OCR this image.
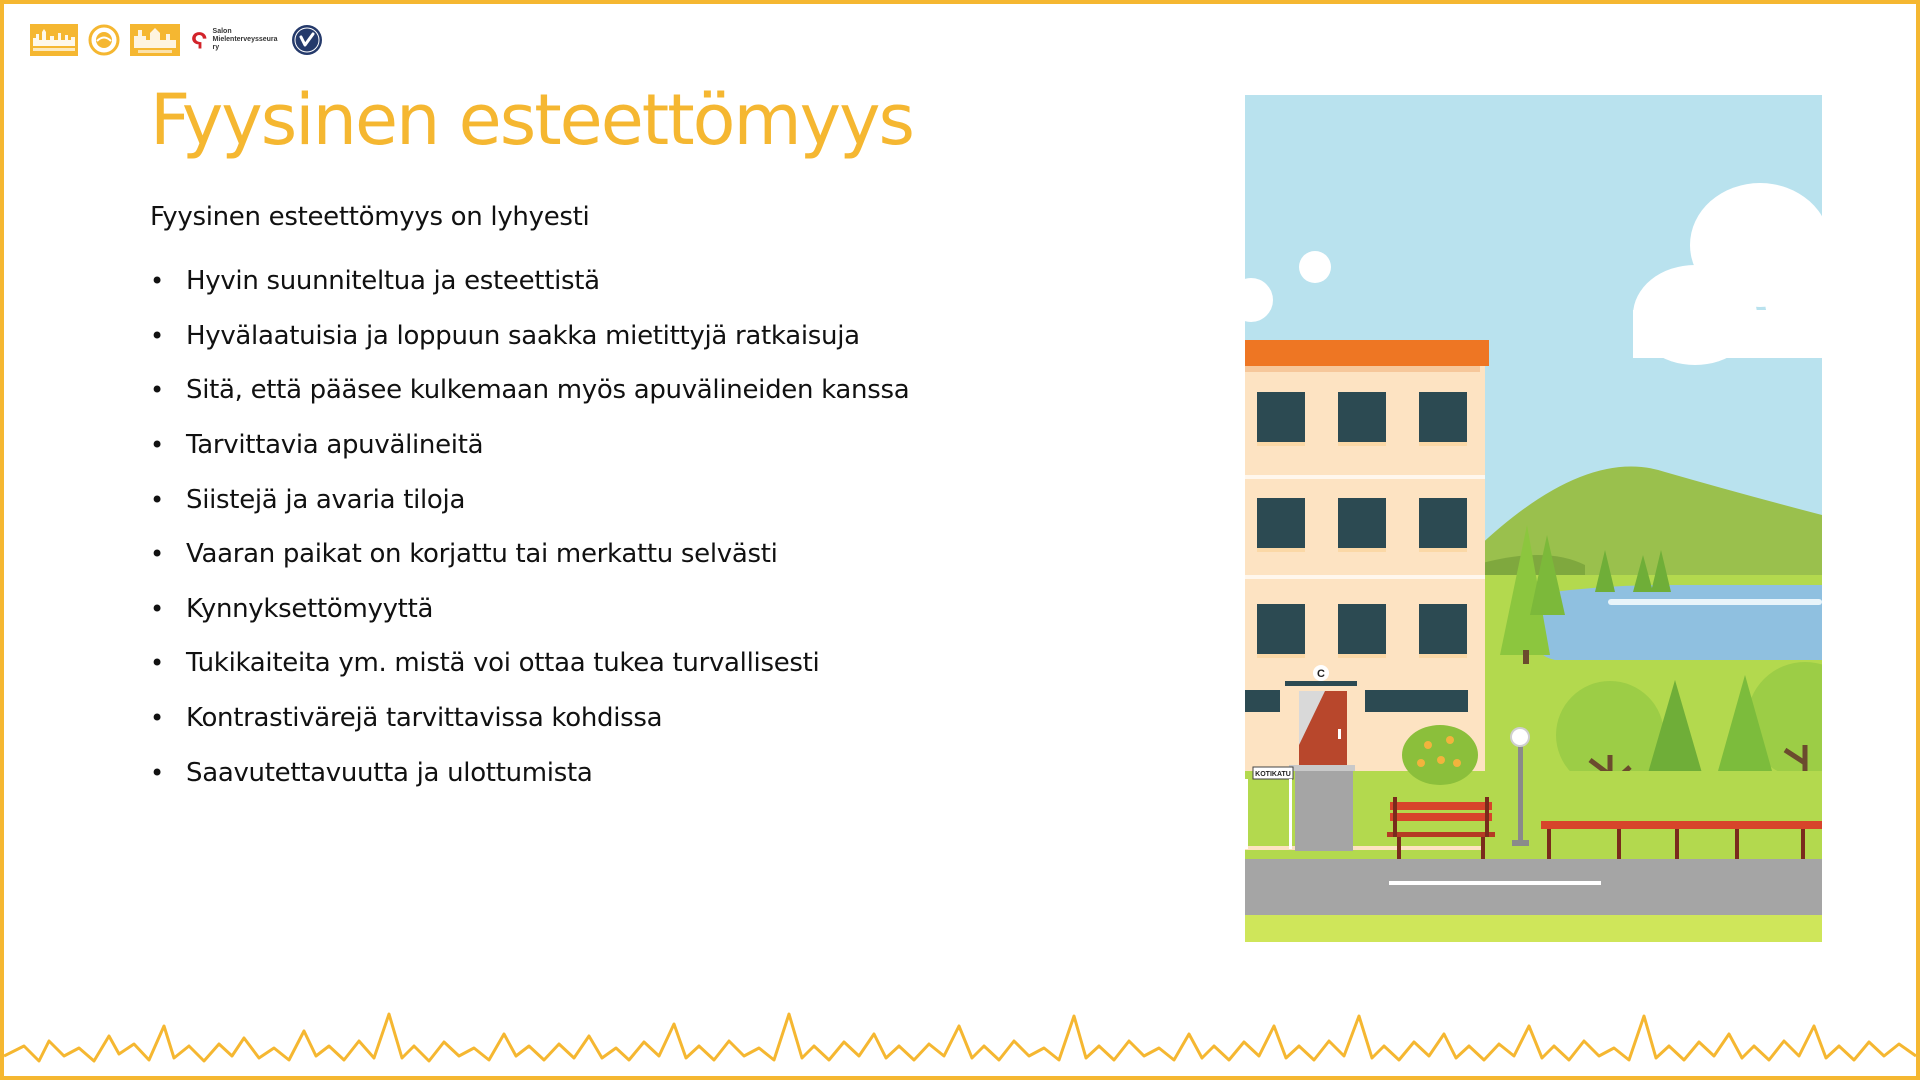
Salon Mielenterveysseura ry
Fyysinen esteettömyys
Fyysinen esteettömyys on lyhyesti
• Hyvin suunniteltua ja esteettistä
• Hyvälaatuisia ja loppuun saakka mietittyjä ratkaisuja
• Sitä, että pääsee kulkemaan myös apuvälineiden kanssa
• Tarvittavia apuvälineitä
• Siistejä ja avaria tiloja
• Vaaran paikat on korjattu tai merkattu selvästi
• Kynnyksettömyyttä
• Tukikaiteita ym. mistä voi ottaa tukea turvallisesti
• Kontrastivärejä tarvittavissa kohdissa
• Saavutettavuutta ja ulottumista
C
KOTIKATU
